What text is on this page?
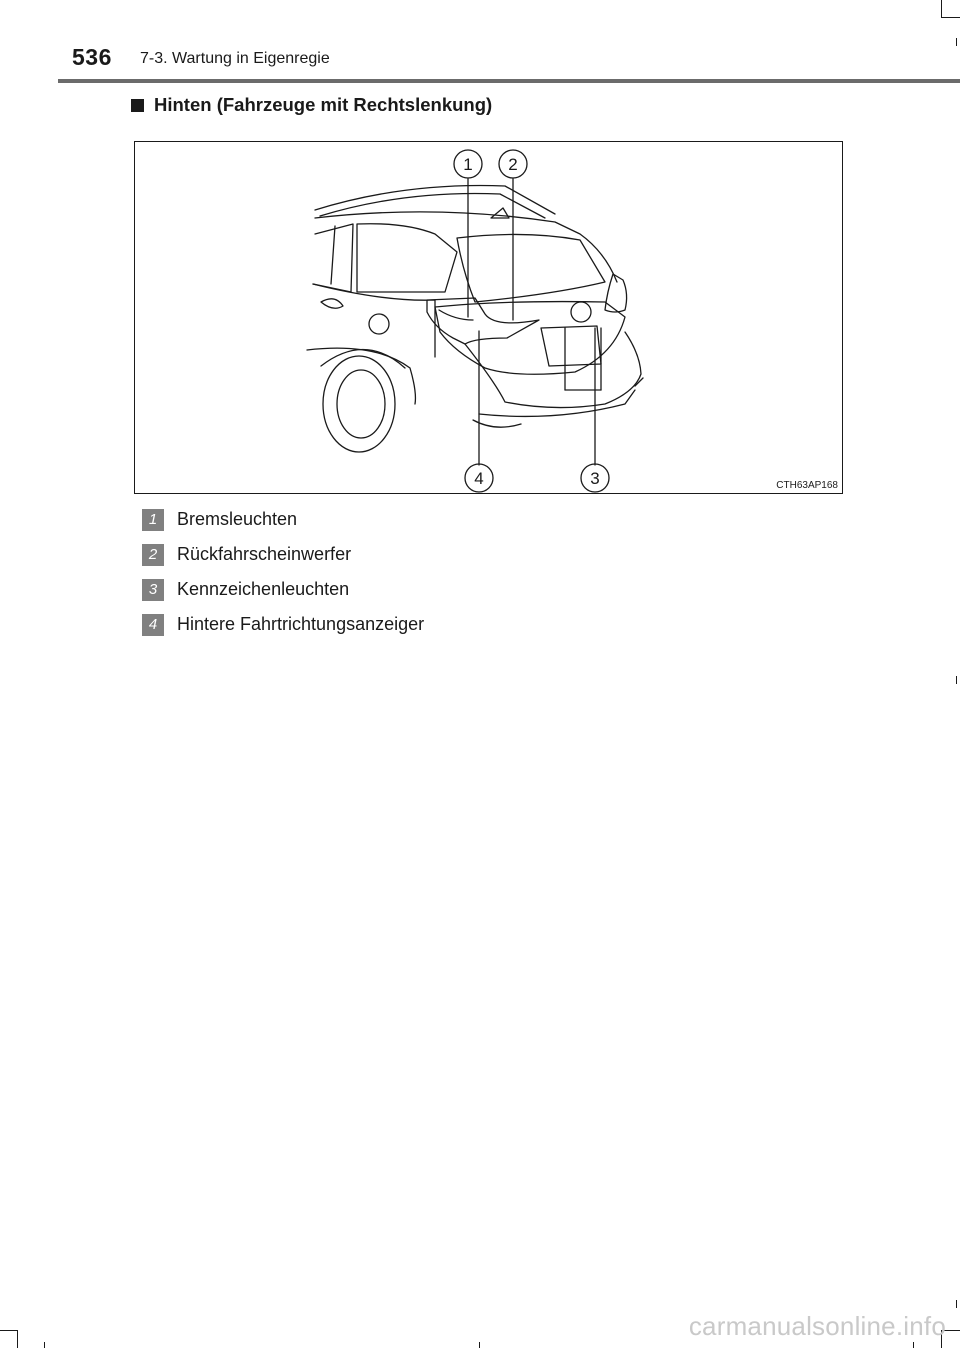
536 7-3. Wartung in Eigenregie
Hinten (Fahrzeuge mit Rechtslenkung)
1 2
3
4	CTH63AP168
1	Bremsleuchten
2	Rückfahrscheinwerfer
3	Kennzeichenleuchten
4	Hintere Fahrtrichtungsanzeiger
carmanualsonline.info
